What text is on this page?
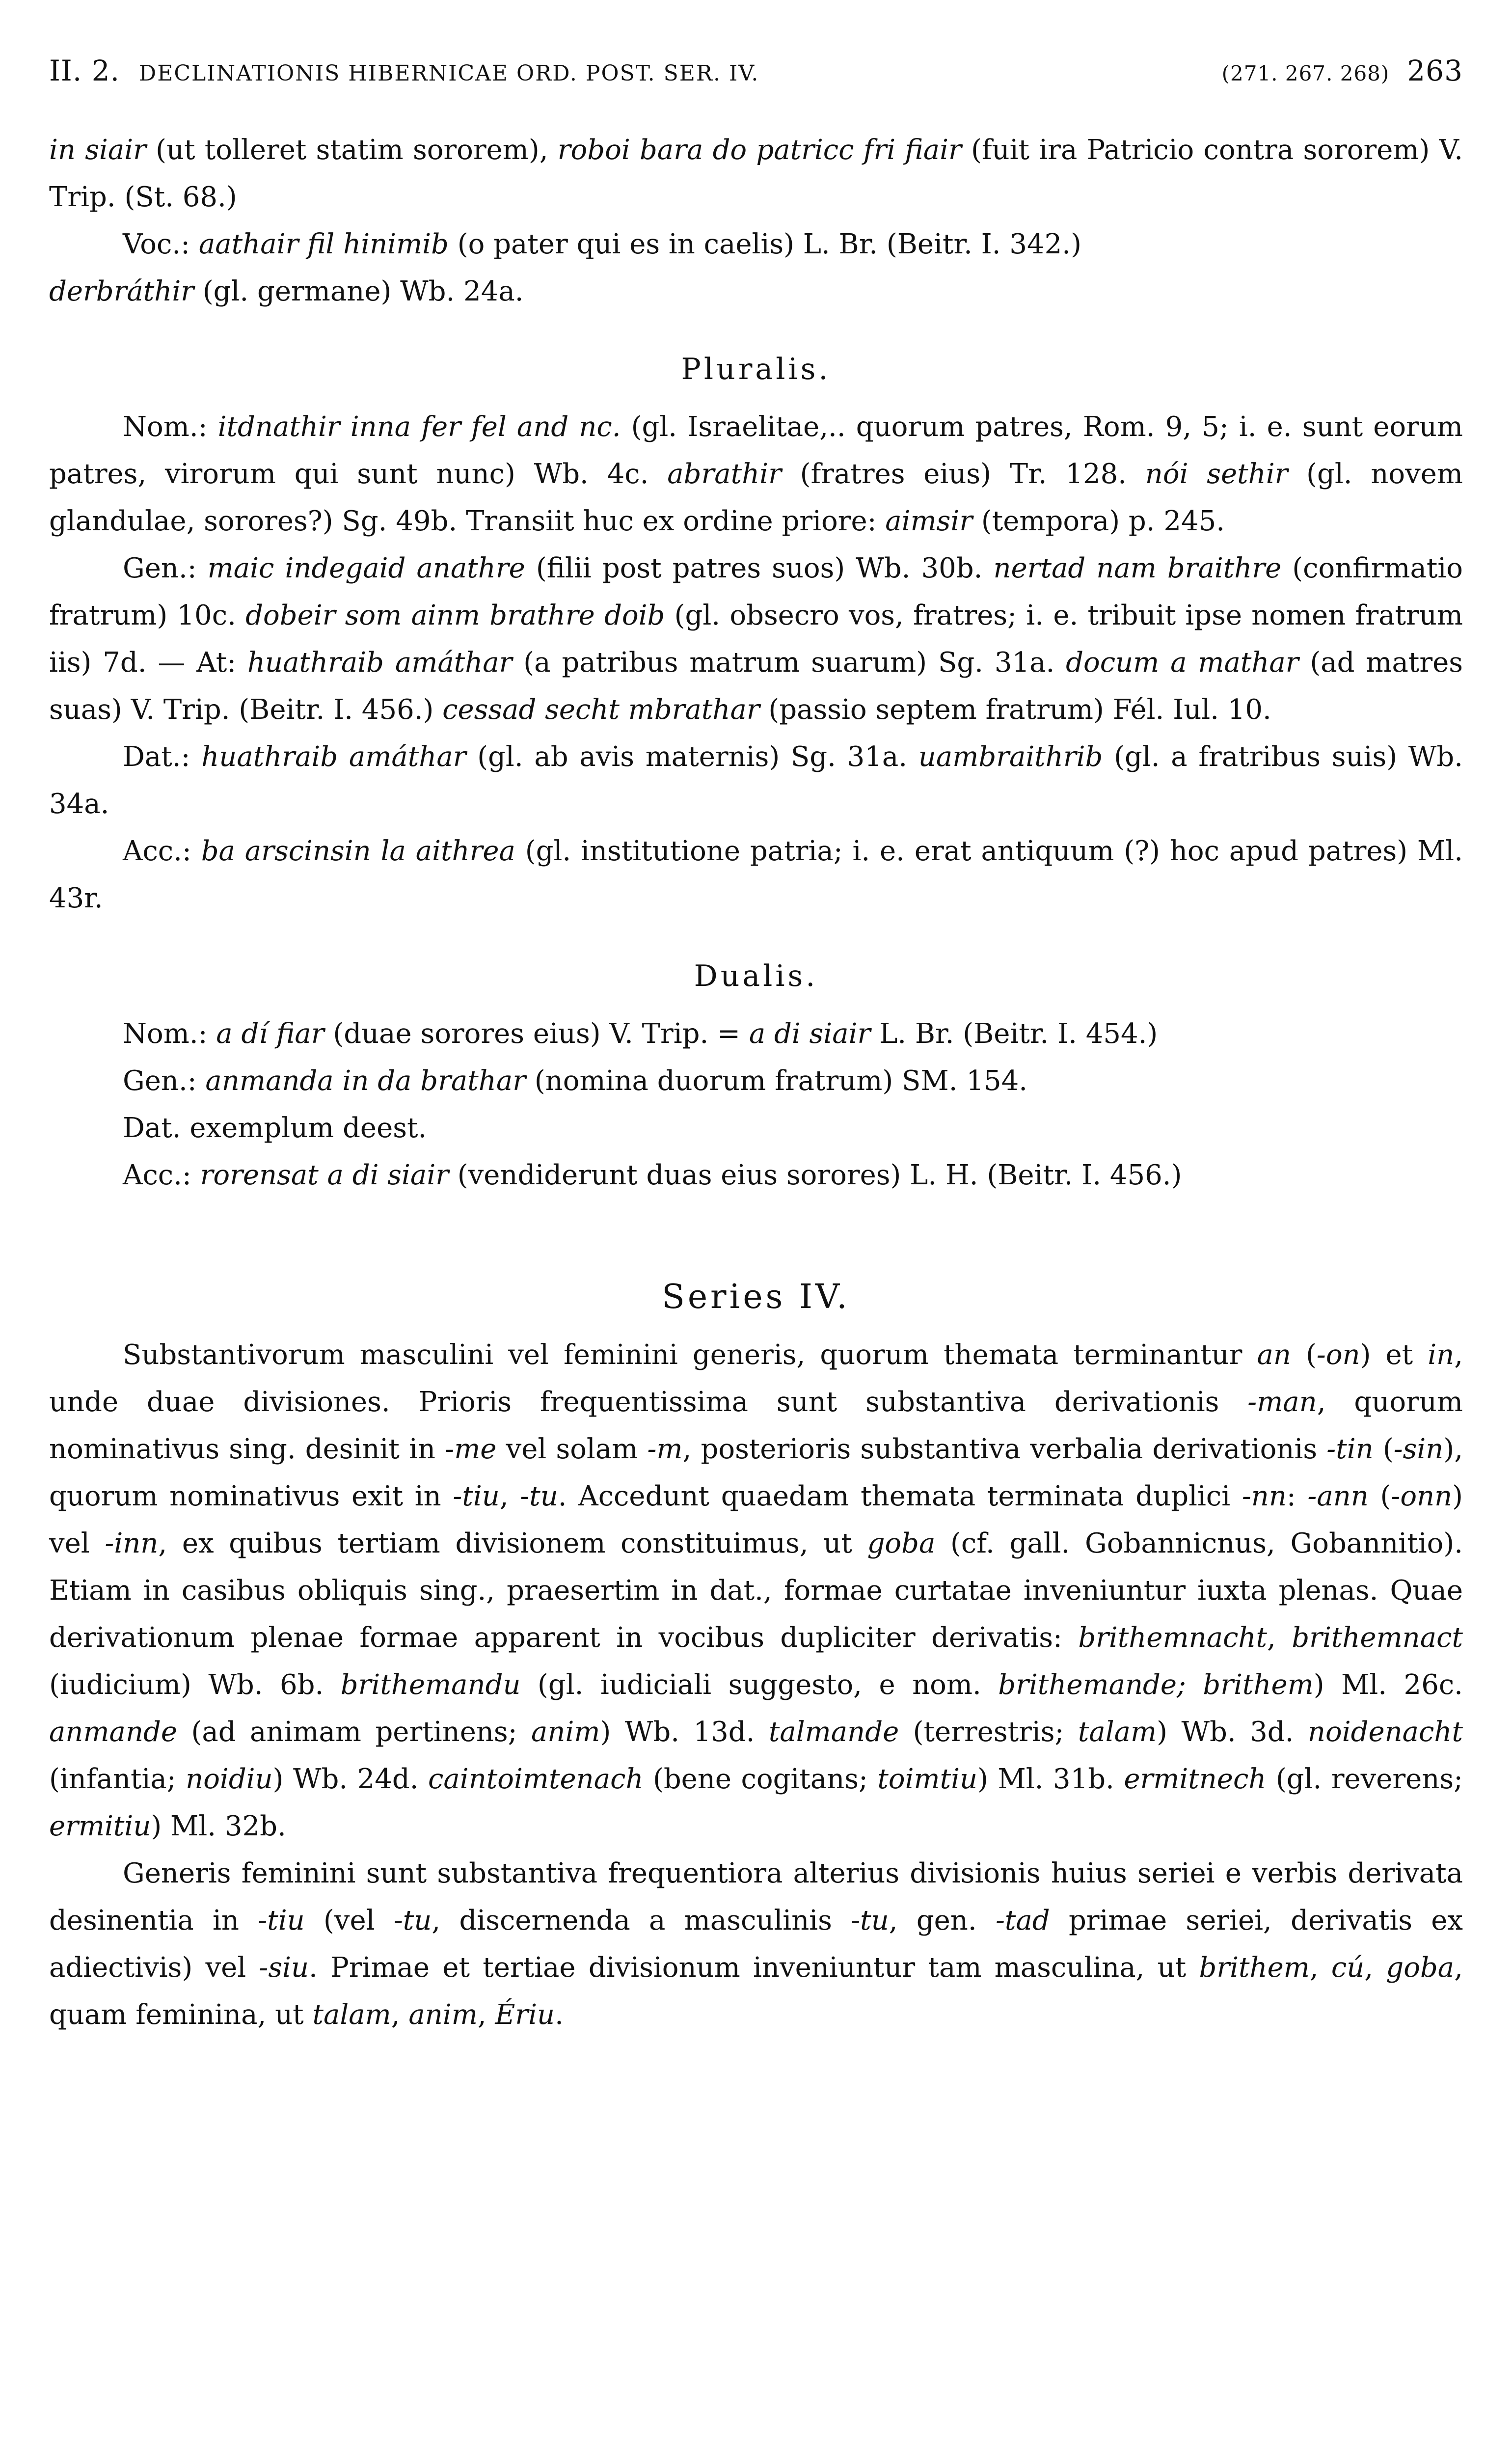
II. 2. DECLINATIONIS HIBERNICAE ORD. POST. SER. IV.	(271. 267. 268) 263

in siair (ut tolleret statim sororem), roboi bara do patricc fri fiair (fuit ira Patricio contra sororem) V. Trip. (St. 68.)

Voc.: aathair fil hinimib (o pater qui es in caelis) L. Br. (Beitr. I. 342.)
derbráthir (gl. germane) Wb. 24a.

Pluralis.

Nom.: itdnathir inna fer fel and nc. (gl. Israelitae,.. quorum patres, Rom. 9, 5; i. e. sunt eorum patres, virorum qui sunt nunc) Wb. 4c. abrathir (fratres eius) Tr. 128. nói sethir (gl. novem glandulae, sorores?) Sg. 49b. Transiit huc ex ordine priore: aimsir (tempora) p. 245.

Gen.: maic indegaid anathre (filii post patres suos) Wb. 30b. nertad nam braithre (confirmatio fratrum) 10c. dobeir som ainm brathre doib (gl. obsecro vos, fratres; i. e. tribuit ipse nomen fratrum iis) 7d. — At: huathraib amáthar (a patribus matrum suarum) Sg. 31a. docum a mathar (ad matres suas) V. Trip. (Beitr. I. 456.) cessad secht mbrathar (passio septem fratrum) Fél. Iul. 10.

Dat.: huathraib amáthar (gl. ab avis maternis) Sg. 31a. uambraithrib (gl. a fratribus suis) Wb. 34a.

Acc.: ba arscinsin la aithrea (gl. institutione patria; i. e. erat antiquum (?) hoc apud patres) Ml. 43r.

Dualis.

Nom.: a dí fiar (duae sorores eius) V. Trip. = a di siair L. Br. (Beitr. I. 454.)

Gen.: anmanda in da brathar (nomina duorum fratrum) SM. 154.

Dat. exemplum deest.

Acc.: rorensat a di siair (vendiderunt duas eius sorores) L. H. (Beitr. I. 456.)

Series IV.

Substantivorum masculini vel feminini generis, quorum themata terminantur an (-on) et in, unde duae divisiones. Prioris frequentissima sunt substantiva derivationis -man, quorum nominativus sing. desinit in -me vel solam -m, posterioris substantiva verbalia derivationis -tin (-sin), quorum nominativus exit in -tiu, -tu. Accedunt quaedam themata terminata duplici -nn: -ann (-onn) vel -inn, ex quibus tertiam divisionem constituimus, ut goba (cf. gall. Gobannicnus, Gobannitio). Etiam in casibus obliquis sing., praesertim in dat., formae curtatae inveniuntur iuxta plenas. Quae derivationum plenae formae apparent in vocibus dupliciter derivatis: brithemnacht, brithemnact (iudicium) Wb. 6b. brithemandu (gl. iudiciali suggesto, e nom. brithemande; brithem) Ml. 26c. anmande (ad animam pertinens; anim) Wb. 13d. talmande (terrestris; talam) Wb. 3d. noidenacht (infantia; noidiu) Wb. 24d. caintoimtenach (bene cogitans; toimtiu) Ml. 31b. ermitnech (gl. reverens; ermitiu) Ml. 32b.

Generis feminini sunt substantiva frequentiora alterius divisionis huius seriei e verbis derivata desinentia in -tiu (vel -tu, discernenda a masculinis -tu, gen. -tad primae seriei, derivatis ex adiectivis) vel -siu. Primae et tertiae divisionum inveniuntur tam masculina, ut brithem, cú, goba, quam feminina, ut talam, anim, Ériu.
